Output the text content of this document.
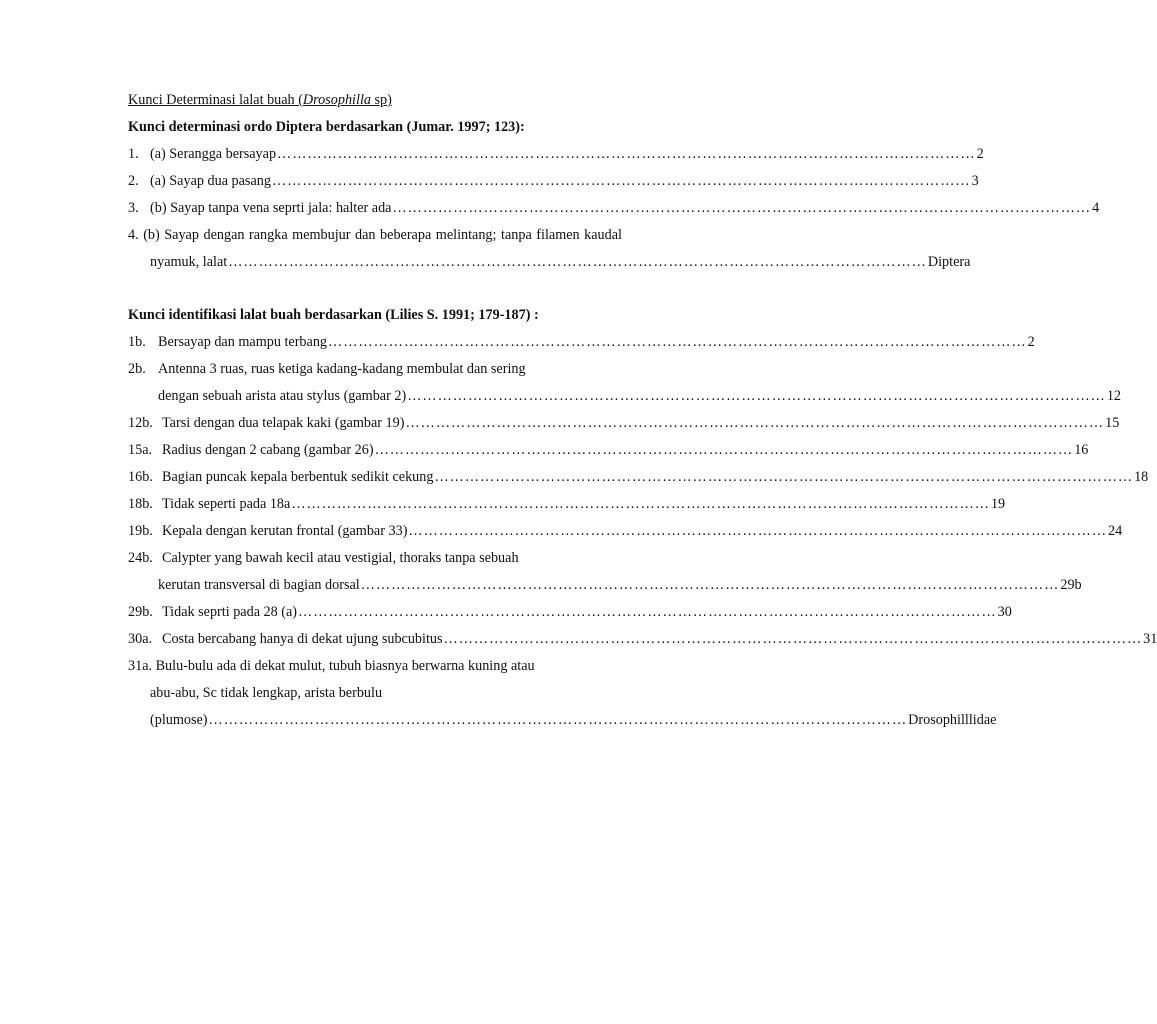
Kunci Determinasi lalat buah (Drosophilla sp)
Kunci determinasi ordo Diptera berdasarkan (Jumar. 1997; 123):
1. (a) Serangga bersayap ………………………………………………………………………………………………………………………… 2
2. (a) Sayap dua pasang ………………………………………………………………………………………………………………………… 3
3. (b) Sayap tanpa vena seprti jala: halter ada ………………………………………………………………………………………………………………………… 4
4. (b) Sayap dengan rangka membujur dan beberapa melintang; tanpa filamen kaudal
nyamuk, lalat ………………………………………………………………………………………………………………………… Diptera
Kunci identifikasi lalat buah berdasarkan (Lilies S. 1991; 179-187) :
1b. Bersayap dan mampu terbang ………………………………………………………………………………………………………………………… 2
2b. Antenna 3 ruas, ruas ketiga kadang-kadang membulat dan sering
dengan sebuah arista atau stylus (gambar 2) ………………………………………………………………………………………………………………………… 12
12b. Tarsi dengan dua telapak kaki (gambar 19) ………………………………………………………………………………………………………………………… 15
15a. Radius dengan 2 cabang (gambar 26) ………………………………………………………………………………………………………………………… 16
16b. Bagian puncak kepala berbentuk sedikit cekung ………………………………………………………………………………………………………………………… 18
18b. Tidak seperti pada 18a ………………………………………………………………………………………………………………………… 19
19b. Kepala dengan kerutan frontal (gambar 33) ………………………………………………………………………………………………………………………… 24
24b. Calypter yang bawah kecil atau vestigial, thoraks tanpa sebuah
kerutan transversal di bagian dorsal ………………………………………………………………………………………………………………………… 29b
29b. Tidak seprti pada 28 (a) ………………………………………………………………………………………………………………………… 30
30a. Costa bercabang hanya di dekat ujung subcubitus ………………………………………………………………………………………………………………………… 31
31a. Bulu-bulu ada di dekat mulut, tubuh biasnya berwarna kuning atau
abu-abu, Sc tidak lengkap, arista berbulu
(plumose) ………………………………………………………………………………………………………………………… Drosophilllidae
